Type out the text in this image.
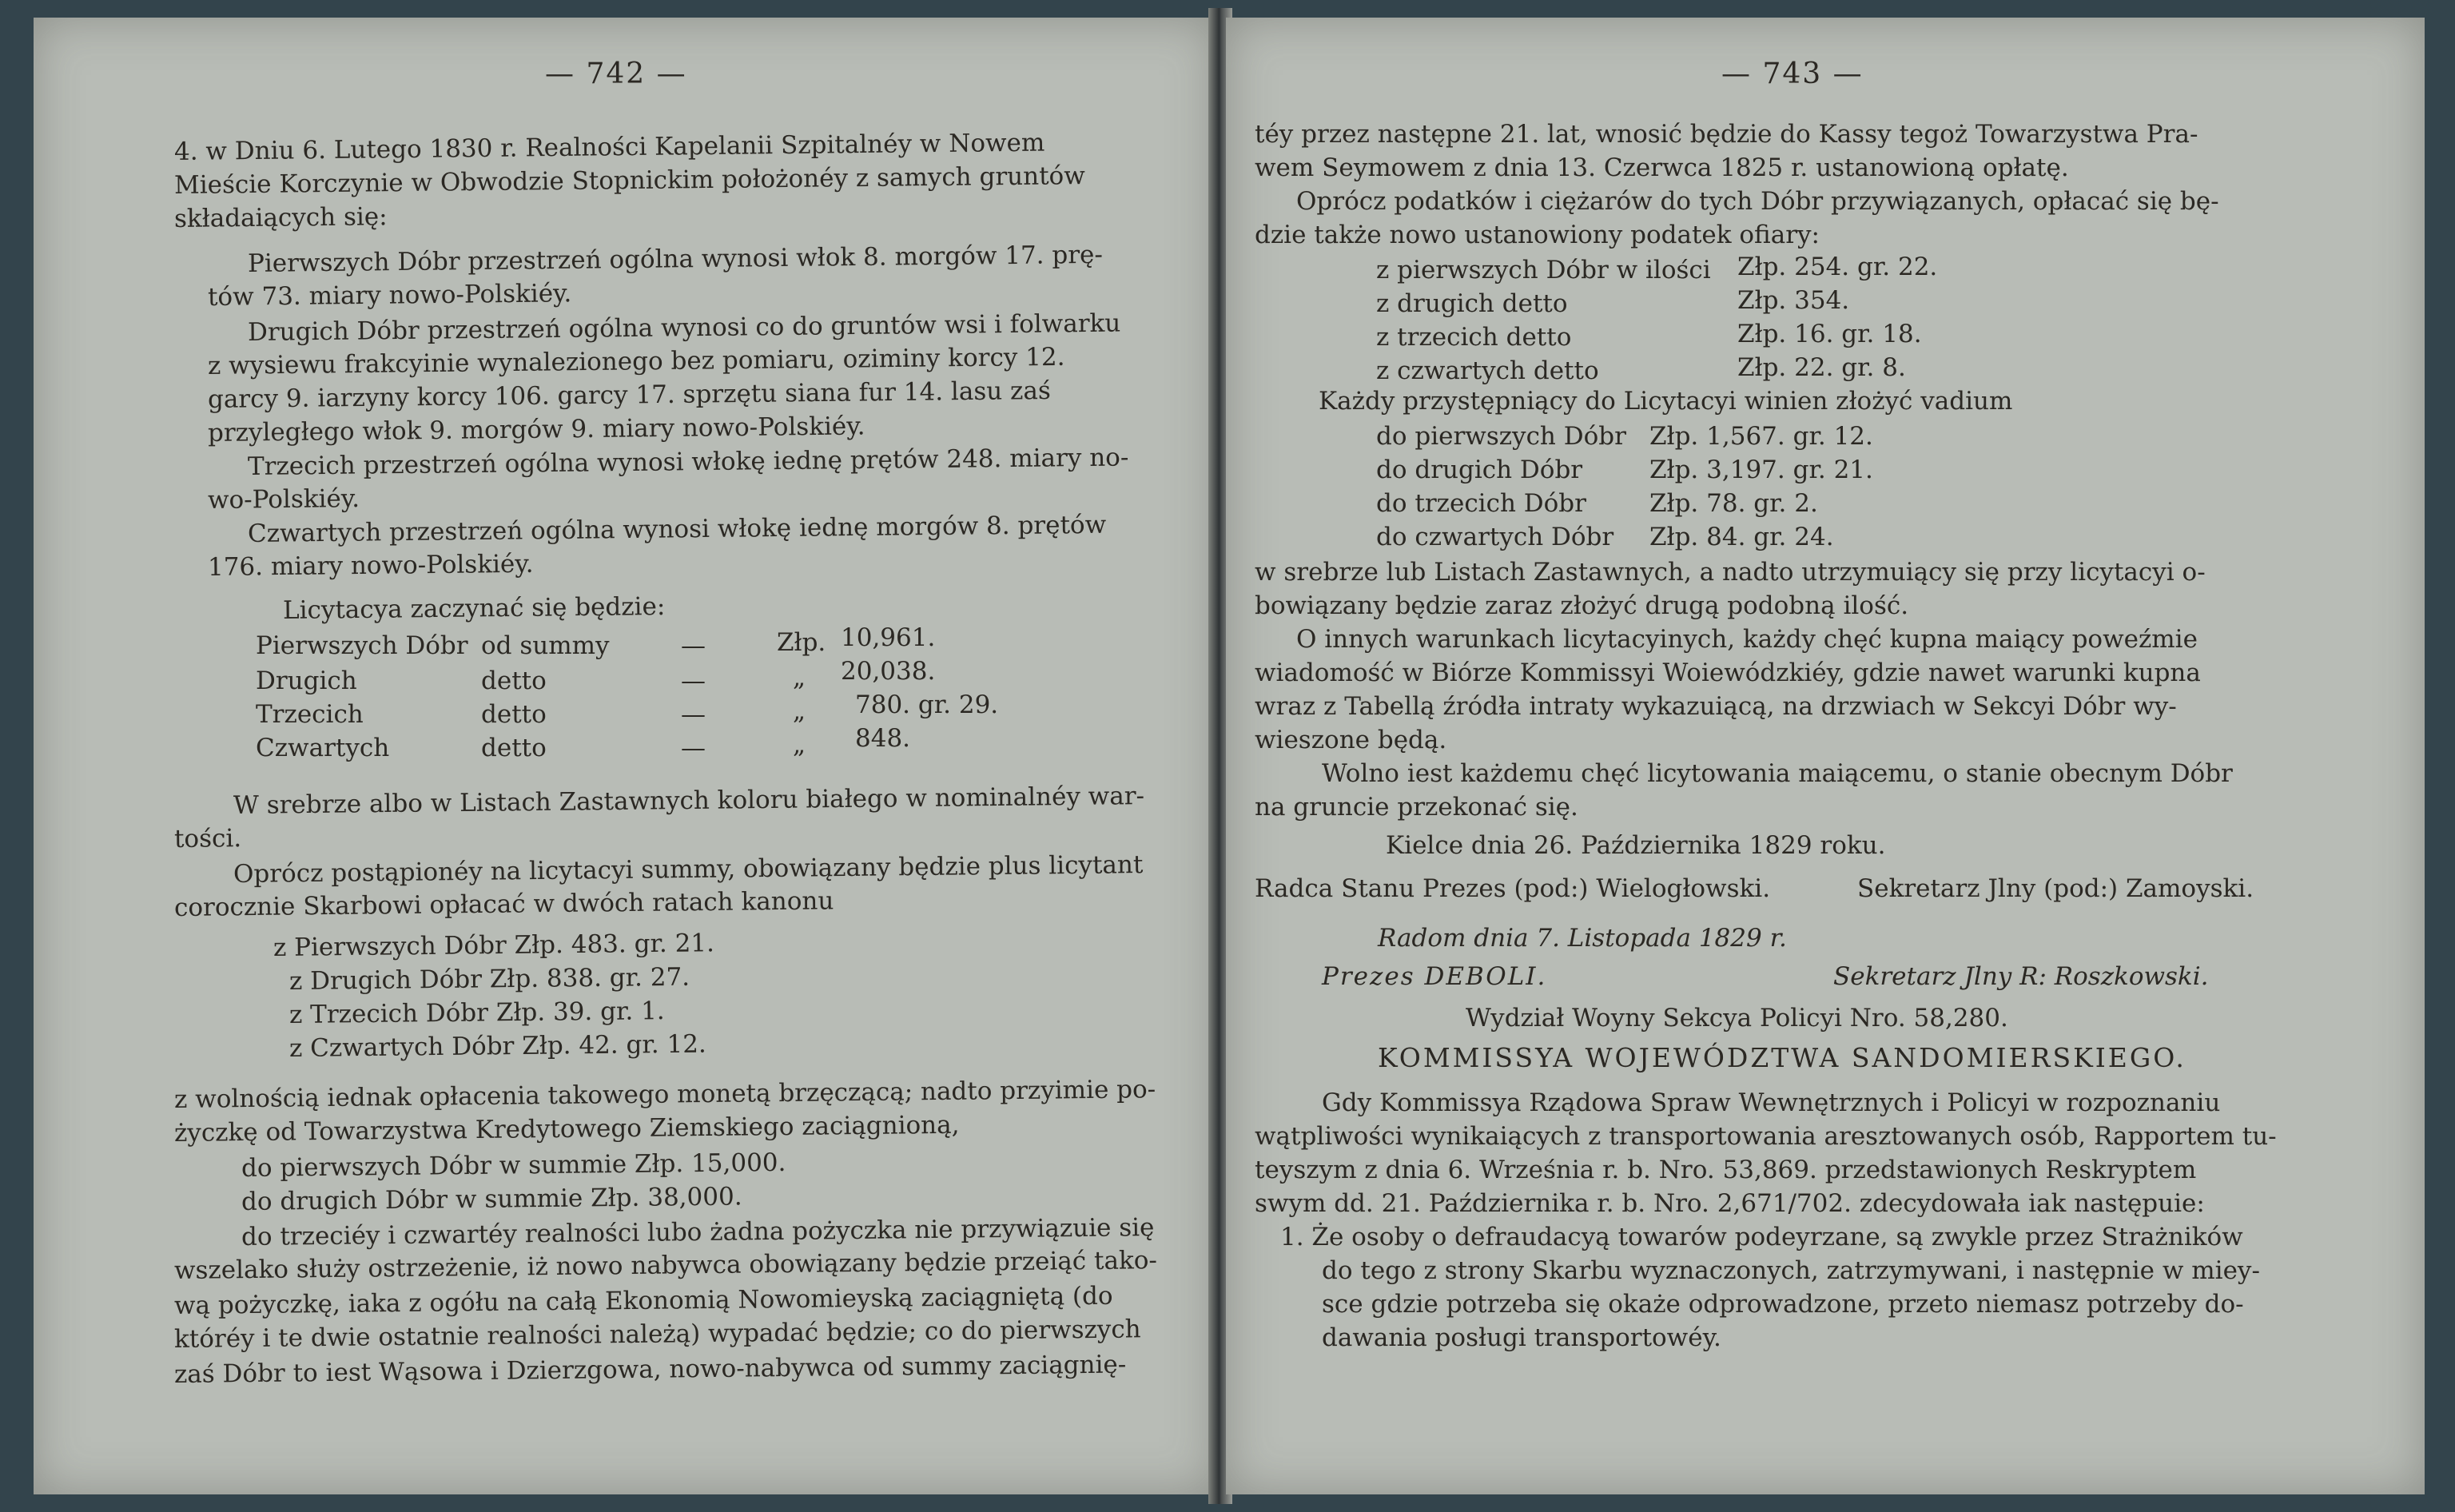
— 742 —
4. w Dniu 6. Lutego 1830 r. Realności Kapelanii Szpitalnéy w Nowem
Mieście Korczynie w Obwodzie Stopnickim położonéy z samych gruntów
składaiących się:
Pierwszych Dóbr przestrzeń ogólna wynosi włok 8. morgów 17. prę-
tów 73. miary nowo-Polskiéy.
Drugich Dóbr przestrzeń ogólna wynosi co do gruntów wsi i folwarku
z wysiewu frakcyinie wynalezionego bez pomiaru, oziminy korcy 12.
garcy 9. iarzyny korcy 106. garcy 17. sprzętu siana fur 14. lasu zaś
przyległego włok 9. morgów 9. miary nowo-Polskiéy.
Trzecich przestrzeń ogólna wynosi włokę iednę prętów 248. miary no-
wo-Polskiéy.
Czwartych przestrzeń ogólna wynosi włokę iednę morgów 8. prętów
176. miary nowo-Polskiéy.
Licytacya zaczynać się będzie:
Pierwszych Dóbr od summy	—	Złp. 10,961.
Drugich	detto	—	„ 20,038.
Trzecich	detto	—	„ 780. gr. 29.
Czwartych	detto	—	„ 848.
W srebrze albo w Listach Zastawnych koloru białego w nominalnéy war-
tości.
Oprócz postąpionéy na licytacyi summy, obowiązany będzie plus licytant
corocznie Skarbowi opłacać w dwóch ratach kanonu
z Pierwszych Dóbr Złp. 483. gr. 21.
z Drugich Dóbr Złp. 838. gr. 27.
z Trzecich Dóbr Złp. 39. gr. 1.
z Czwartych Dóbr Złp. 42. gr. 12.
z wolnością iednak opłacenia takowego monetą brzęczącą; nadto przyimie po-
życzkę od Towarzystwa Kredytowego Ziemskiego zaciągnioną,
do pierwszych Dóbr w summie Złp. 15,000.
do drugich Dóbr w summie Złp. 38,000.
do trzeciéy i czwartéy realności lubo żadna pożyczka nie przywiązuie się
wszelako służy ostrzeżenie, iż nowo nabywca obowiązany będzie przeiąć tako-
wą pożyczkę, iaka z ogółu na całą Ekonomią Nowomieyską zaciągniętą (do
któréy i te dwie ostatnie realności należą) wypadać będzie; co do pierwszych
zaś Dóbr to iest Wąsowa i Dzierzgowa, nowo-nabywca od summy zaciągnię-
— 743 —
téy przez następne 21. lat, wnosić będzie do Kassy tegoż Towarzystwa Pra-
wem Seymowem z dnia 13. Czerwca 1825 r. ustanowioną opłatę.
Oprócz podatków i ciężarów do tych Dóbr przywiązanych, opłacać się bę-
dzie także nowo ustanowiony podatek ofiary:
z pierwszych Dóbr w ilości Złp. 254. gr. 22.
z drugich detto	Złp. 354.
z trzecich detto	Złp. 16. gr. 18.
z czwartych detto	Złp. 22. gr. 8.
Każdy przystępniący do Licytacyi winien złożyć vadium
do pierwszych Dóbr Złp. 1,567. gr. 12.
do drugich Dóbr	Złp. 3,197. gr. 21.
do trzecich Dóbr	Złp. 78. gr. 2.
do czwartych Dóbr Złp. 84. gr. 24.
w srebrze lub Listach Zastawnych, a nadto utrzymuiący się przy licytacyi o-
bowiązany będzie zaraz złożyć drugą podobną ilość.
O innych warunkach licytacyinych, każdy chęć kupna maiący poweźmie
wiadomość w Biórze Kommissyi Woiewódzkiéy, gdzie nawet warunki kupna
wraz z Tabellą źródła intraty wykazuiącą, na drzwiach w Sekcyi Dóbr wy-
wieszone będą.
Wolno iest każdemu chęć licytowania maiącemu, o stanie obecnym Dóbr
na gruncie przekonać się.
Kielce dnia 26. Października 1829 roku.
Radca Stanu Prezes (pod:) Wielogłowski.	Sekretarz Jlny (pod:) Zamoyski.
Radom dnia 7. Listopada 1829 r.
Prezes DEBOLI.	Sekretarz Jlny R: Roszkowski.
Wydział Woyny Sekcya Policyi Nro. 58,280.
KOMMISSYA WOJEWÓDZTWA SANDOMIERSKIEGO.
Gdy Kommissya Rządowa Spraw Wewnętrznych i Policyi w rozpoznaniu
wątpliwości wynikaiących z transportowania aresztowanych osób, Rapportem tu-
teyszym z dnia 6. Września r. b. Nro. 53,869. przedstawionych Reskryptem
swym dd. 21. Października r. b. Nro. 2,671/702. zdecydowała iak następuie:
1. Że osoby o defraudacyą towarów podeyrzane, są zwykle przez Strażników
do tego z strony Skarbu wyznaczonych, zatrzymywani, i następnie w miey-
sce gdzie potrzeba się okaże odprowadzone, przeto niemasz potrzeby do-
dawania posługi transportowéy.
